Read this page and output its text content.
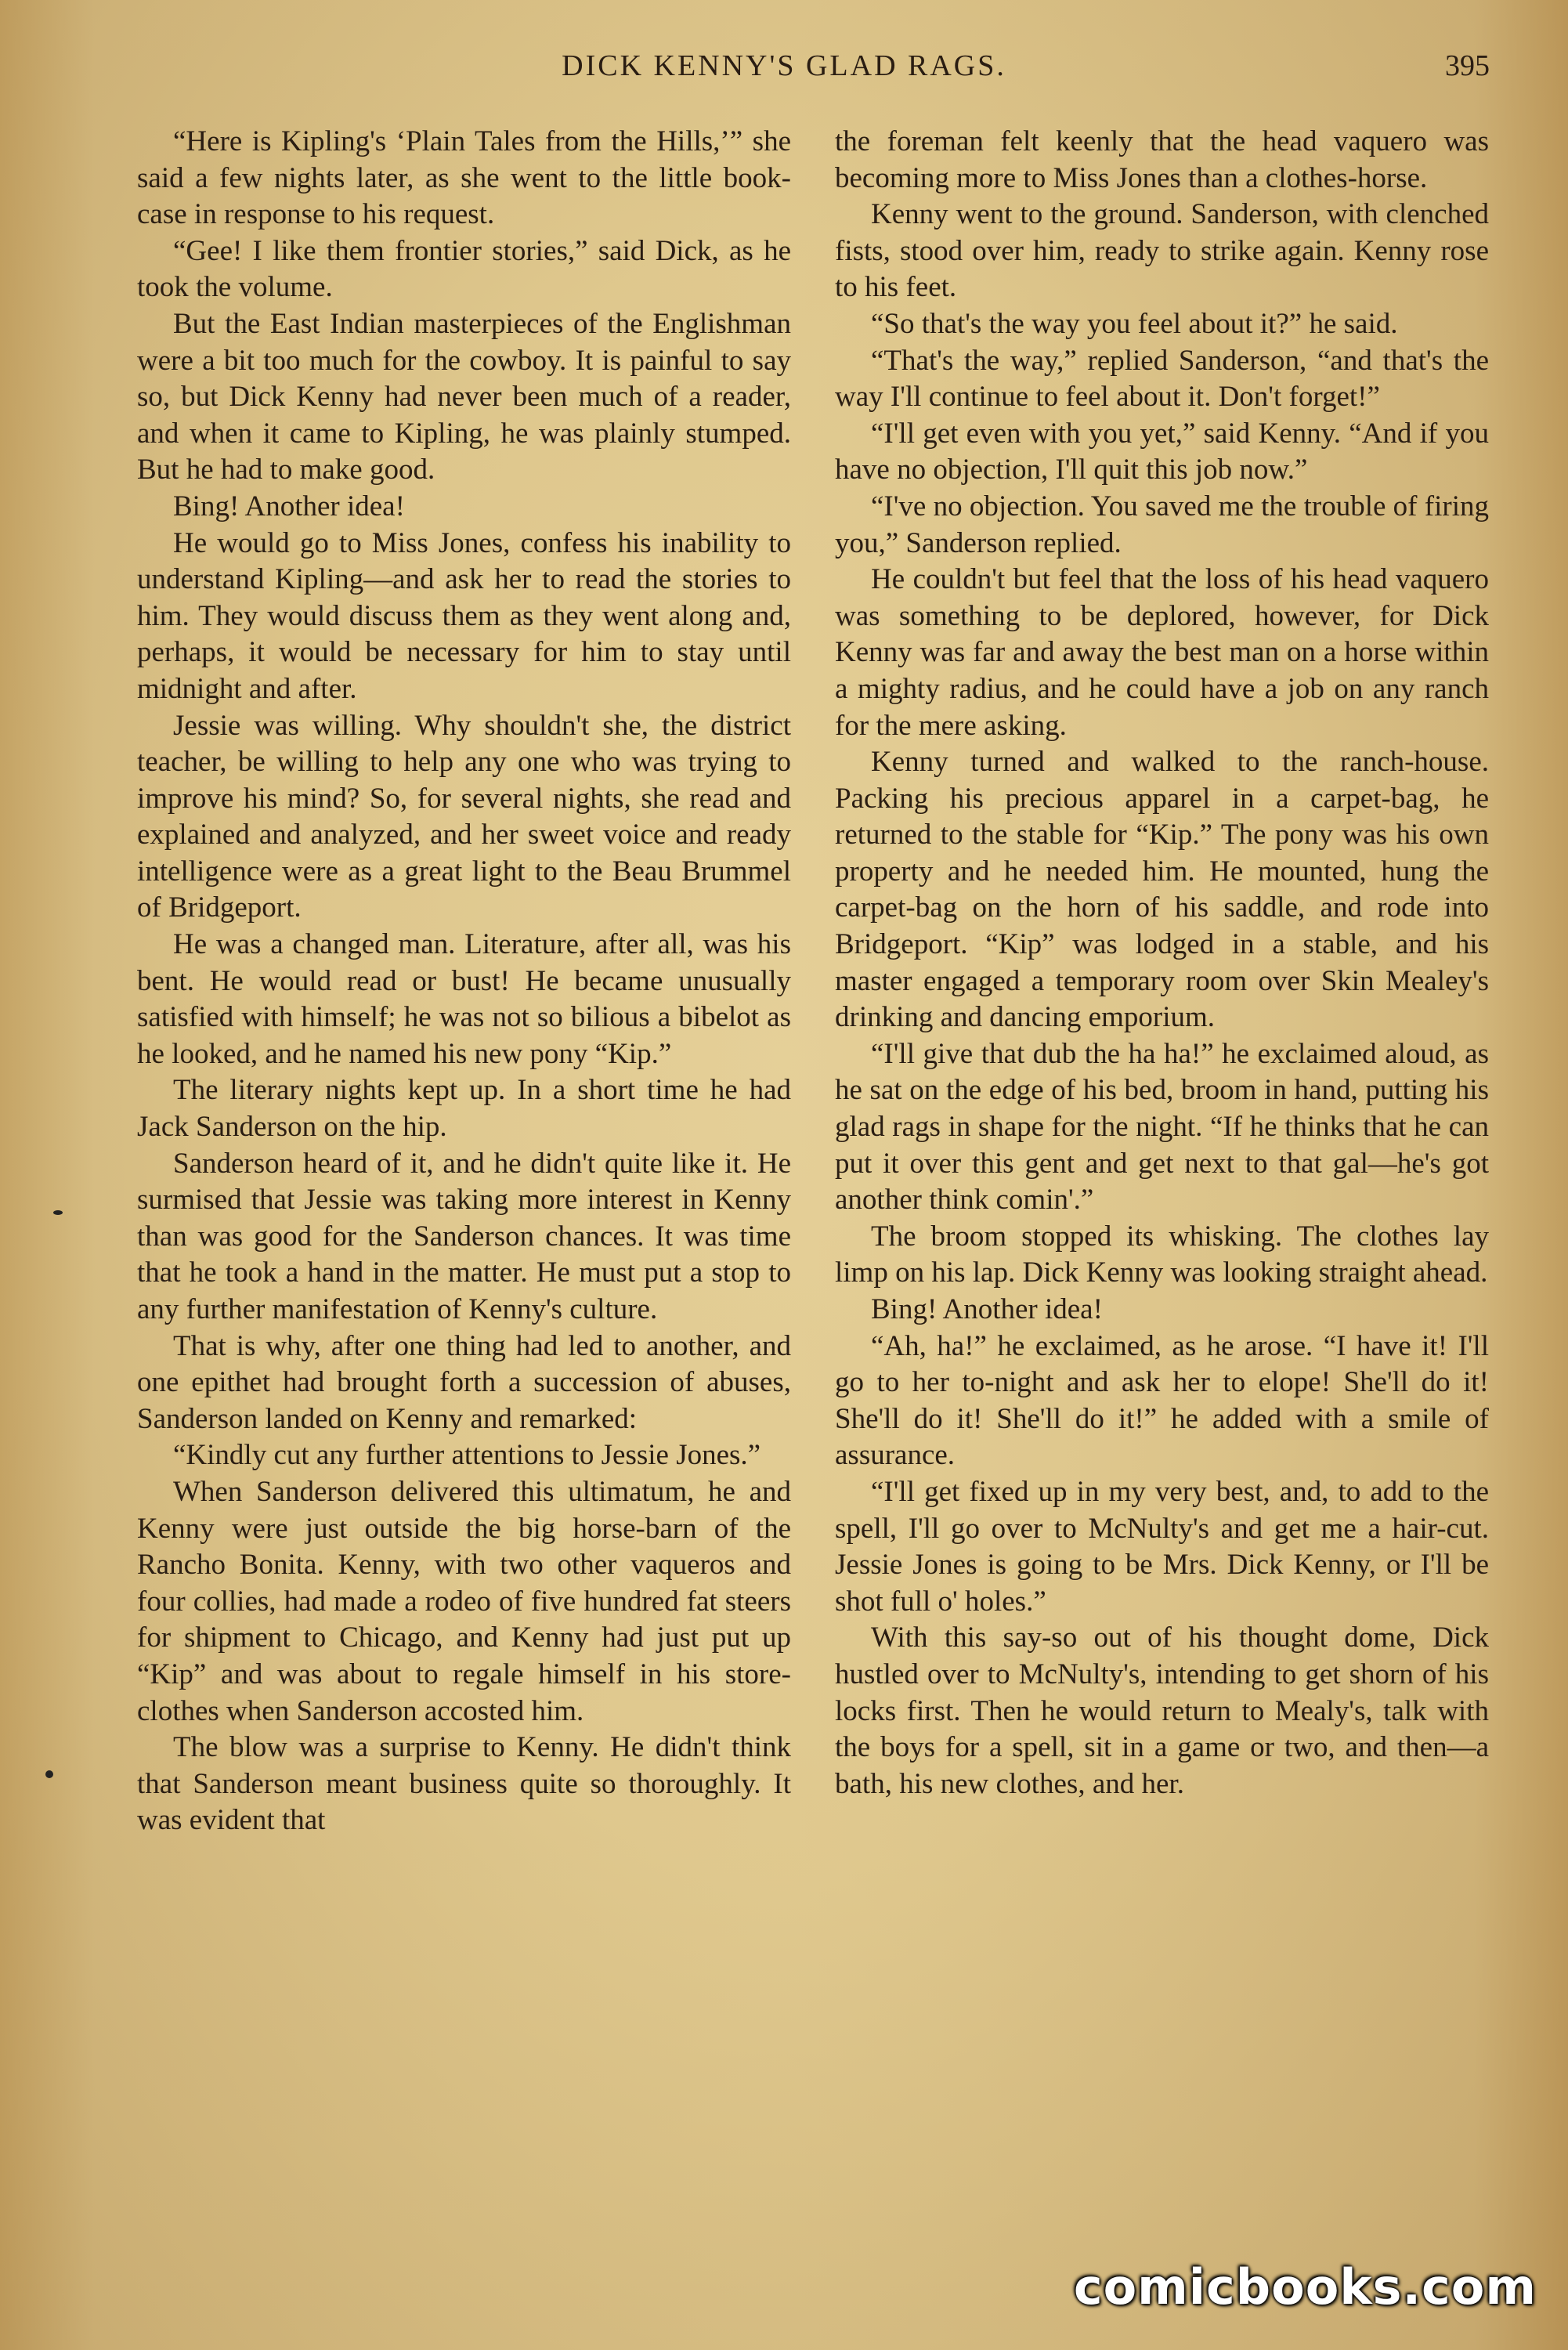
DICK KENNY'S GLAD RAGS.	395

“Here is Kipling's ‘Plain Tales from the Hills,’” she said a few nights later, as she went to the little book-case in response to his request.

“Gee! I like them frontier stories,” said Dick, as he took the volume.

But the East Indian masterpieces of the Englishman were a bit too much for the cowboy. It is painful to say so, but Dick Kenny had never been much of a reader, and when it came to Kipling, he was plainly stumped. But he had to make good.

Bing! Another idea!

He would go to Miss Jones, confess his inability to understand Kipling—and ask her to read the stories to him. They would discuss them as they went along and, perhaps, it would be necessary for him to stay until midnight and after.

Jessie was willing. Why shouldn't she, the district teacher, be willing to help any one who was trying to improve his mind? So, for several nights, she read and explained and analyzed, and her sweet voice and ready intelligence were as a great light to the Beau Brummel of Bridgeport.

He was a changed man. Literature, after all, was his bent. He would read or bust! He became unusually satisfied with himself; he was not so bilious a bibelot as he looked, and he named his new pony “Kip.”

The literary nights kept up. In a short time he had Jack Sanderson on the hip.

Sanderson heard of it, and he didn't quite like it. He surmised that Jessie was taking more interest in Kenny than was good for the Sanderson chances. It was time that he took a hand in the matter. He must put a stop to any further manifestation of Kenny's culture.

That is why, after one thing had led to another, and one epithet had brought forth a succession of abuses, Sanderson landed on Kenny and remarked:

“Kindly cut any further attentions to Jessie Jones.”

When Sanderson delivered this ultimatum, he and Kenny were just outside the big horse-barn of the Rancho Bonita. Kenny, with two other vaqueros and four collies, had made a rodeo of five hundred fat steers for shipment to Chicago, and Kenny had just put up “Kip” and was about to regale himself in his store-clothes when Sanderson accosted him.

The blow was a surprise to Kenny. He didn't think that Sanderson meant business quite so thoroughly. It was evident that

the foreman felt keenly that the head vaquero was becoming more to Miss Jones than a clothes-horse.

Kenny went to the ground. Sanderson, with clenched fists, stood over him, ready to strike again. Kenny rose to his feet.

“So that's the way you feel about it?” he said.

“That's the way,” replied Sanderson, “and that's the way I'll continue to feel about it. Don't forget!”

“I'll get even with you yet,” said Kenny. “And if you have no objection, I'll quit this job now.”

“I've no objection. You saved me the trouble of firing you,” Sanderson replied.

He couldn't but feel that the loss of his head vaquero was something to be deplored, however, for Dick Kenny was far and away the best man on a horse within a mighty radius, and he could have a job on any ranch for the mere asking.

Kenny turned and walked to the ranch-house. Packing his precious apparel in a carpet-bag, he returned to the stable for “Kip.” The pony was his own property and he needed him. He mounted, hung the carpet-bag on the horn of his saddle, and rode into Bridgeport. “Kip” was lodged in a stable, and his master engaged a temporary room over Skin Mealey's drinking and dancing emporium.

“I'll give that dub the ha ha!” he exclaimed aloud, as he sat on the edge of his bed, broom in hand, putting his glad rags in shape for the night. “If he thinks that he can put it over this gent and get next to that gal—he's got another think comin'.”

The broom stopped its whisking. The clothes lay limp on his lap. Dick Kenny was looking straight ahead.

Bing! Another idea!

“Ah, ha!” he exclaimed, as he arose. “I have it! I'll go to her to-night and ask her to elope! She'll do it! She'll do it! She'll do it!” he added with a smile of assurance.

“I'll get fixed up in my very best, and, to add to the spell, I'll go over to McNulty's and get me a hair-cut. Jessie Jones is going to be Mrs. Dick Kenny, or I'll be shot full o' holes.”

With this say-so out of his thought dome, Dick hustled over to McNulty's, intending to get shorn of his locks first. Then he would return to Mealy's, talk with the boys for a spell, sit in a game or two, and then—a bath, his new clothes, and her.

comicbooks.com
